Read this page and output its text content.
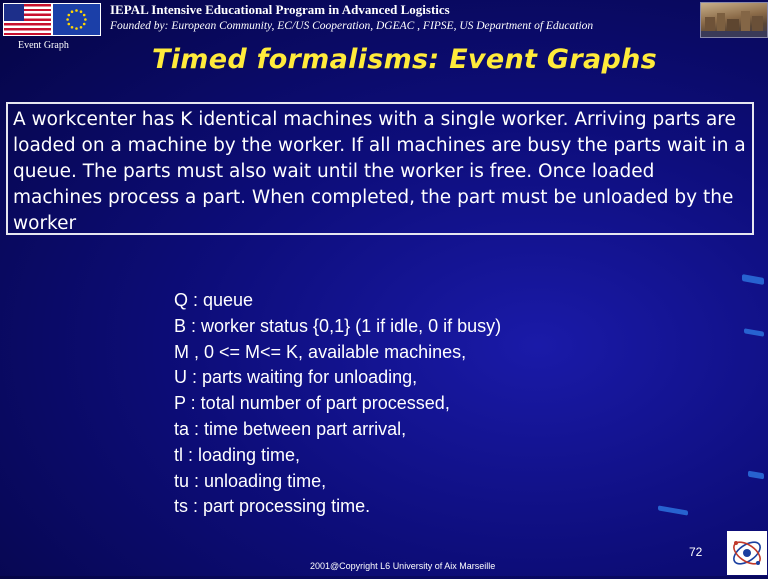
IEPAL Intensive Educational Program in Advanced Logistics
Founded by: European Community, EC/US Cooperation, DGEAC , FIPSE, US Department of Education
Event Graph	Timed formalisms: Event Graphs
A workcenter has K identical machines with a single worker. Arriving parts are loaded on a machine by the worker. If all machines are busy the parts wait in a queue. The parts must also wait until the worker is free. Once loaded machines process a part. When completed, the part must be unloaded by the worker
Q : queue
B : worker status {0,1} (1 if idle, 0 if busy)
M , 0 <= M<= K, available machines,
U : parts waiting for unloading,
P : total number of part processed,
ta : time between part arrival,
tl : loading time,
tu : unloading time,
ts : part processing time.
72
2001@Copyright L6 University of Aix Marseille
